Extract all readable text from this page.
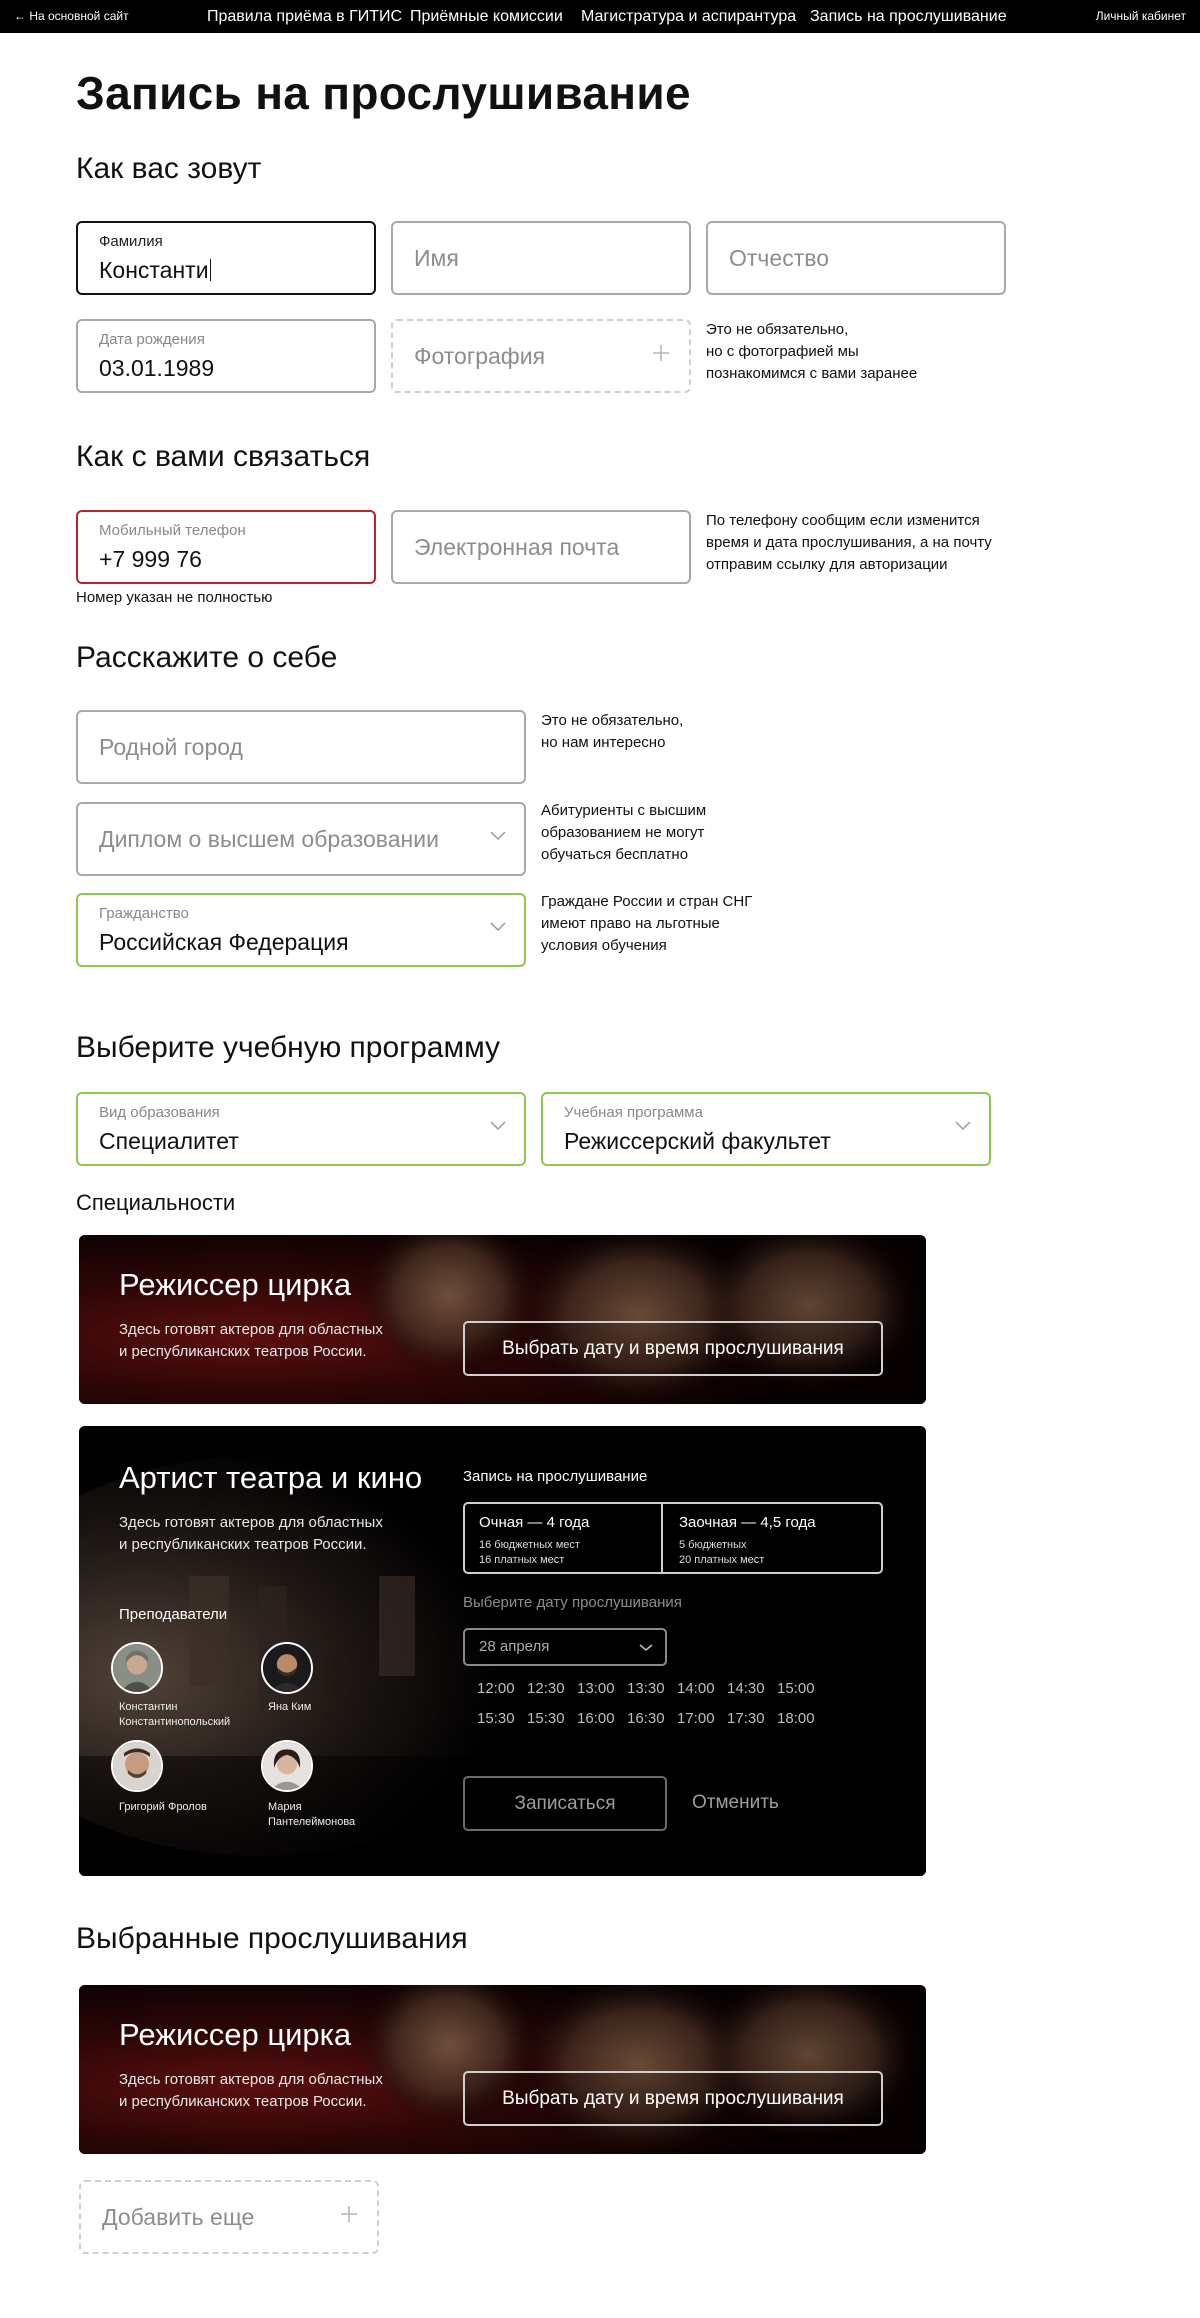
← На основной сайт	Правила приёма в ГИТИС Приёмные комиссии Магистратура и аспирантура Запись на прослушивание	Личный кабинет
Запись на прослушивание
Как вас зовут
Фамилия
Константи	Имя	Отчество
Дата рождения
03.01.1989	Фотография
Это не обязательно,
но с фотографией мы
познакомимся с вами заранее
Как с вами связаться
Мобильный телефон
+7 999 76
Номер указан не полностью
Электронная почта
По телефону сообщим если изменится
время и дата прослушивания, а на почту
отправим ссылку для авторизации
Расскажите о себе
Родной город
Это не обязательно,
но нам интересно
Диплом о высшем образовании
Абитуриенты с высшим
образованием не могут
обучаться бесплатно
Гражданство
Российская Федерация
Граждане России и стран СНГ
имеют право на льготные
условия обучения
Выберите учебную программу
Вид образования
Специалитет
Учебная программа
Режиссерский факультет
Специальности
Режиссер цирка
Здесь готовят актеров для областных
и республиканских театров России.	Выбрать дату и время прослушивания
Артист театра и кино
Здесь готовят актеров для областных
и республиканских театров России.
Преподаватели
Константин
Константинопольский
Яна Ким
Григорий Фролов	Мария
Пантелеймонова
Запись на прослушивание
Очная — 4 года
16 бюджетных мест
16 платных мест
Заочная — 4,5 года
5 бюджетных
20 платных мест
Выберите дату прослушивания
28 апреля
12:00 12:30 13:00 13:30 14:00 14:30 15:00
15:30 15:30 16:00 16:30 17:00 17:30 18:00
Записаться	Отменить
Выбранные прослушивания
Режиссер цирка
Здесь готовят актеров для областных
и республиканских театров России.	Выбрать дату и время прослушивания
Добавить еще
